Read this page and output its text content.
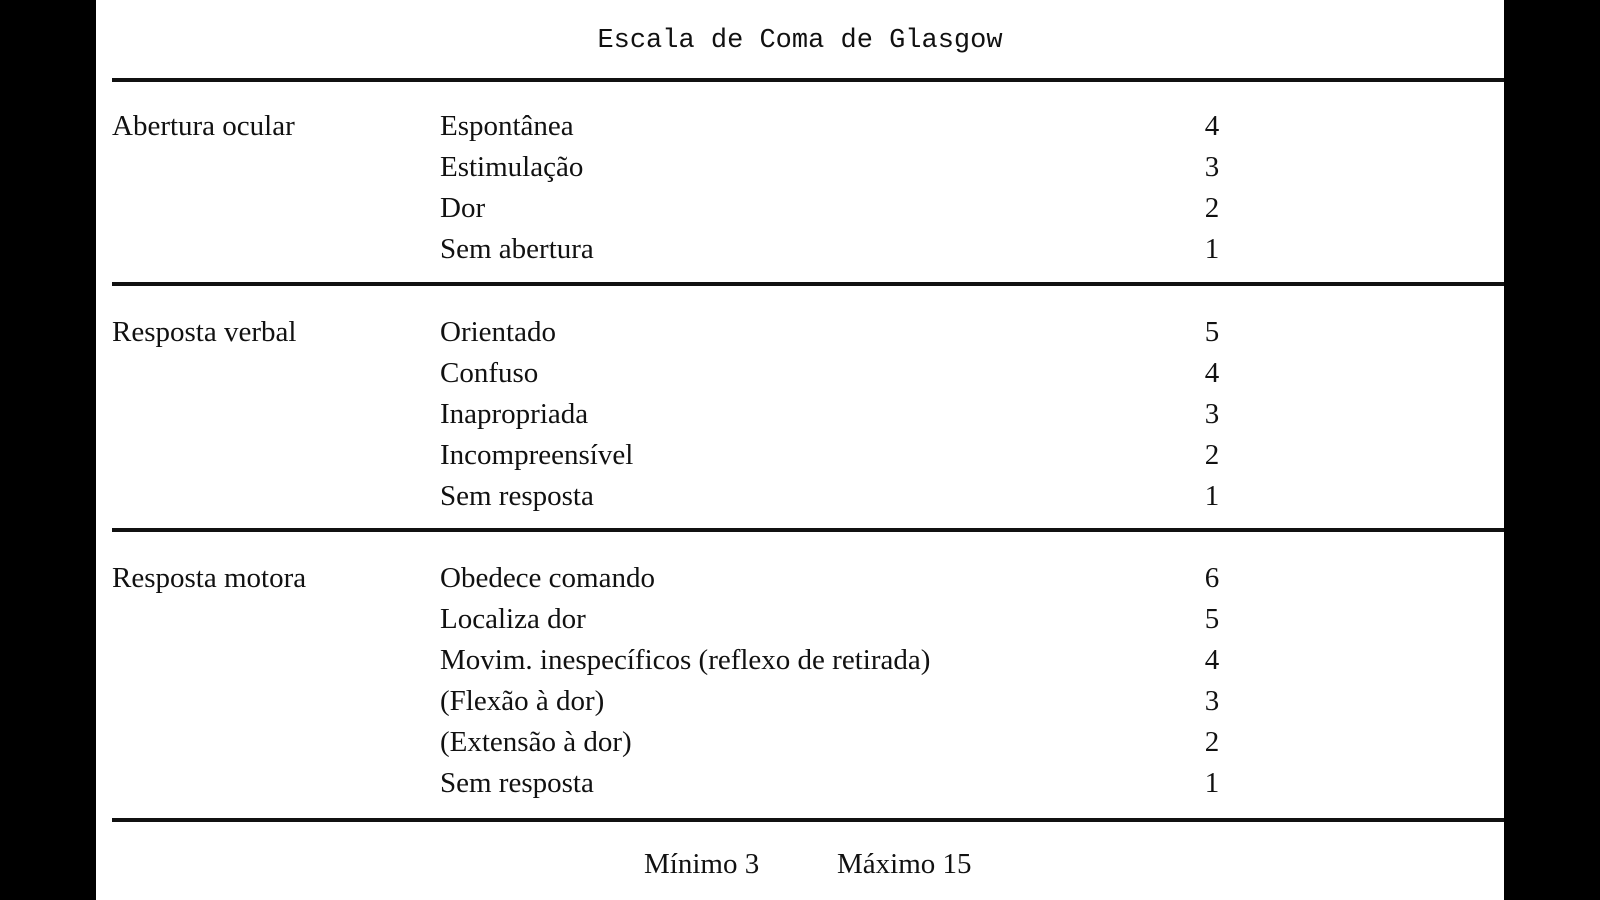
Escala de Coma de Glasgow
Abertura ocular	Espontânea	4
Estimulação	3
Dor	2
Sem abertura	1
Resposta verbal	Orientado	5
Confuso	4
Inapropriada	3
Incompreensível	2
Sem resposta	1
Resposta motora	Obedece comando	6
Localiza dor	5
Movim. inespecíficos (reflexo de retirada)	4
(Flexão à dor)	3
(Extensão à dor)	2
Sem resposta	1
Mínimo 3	Máximo 15
